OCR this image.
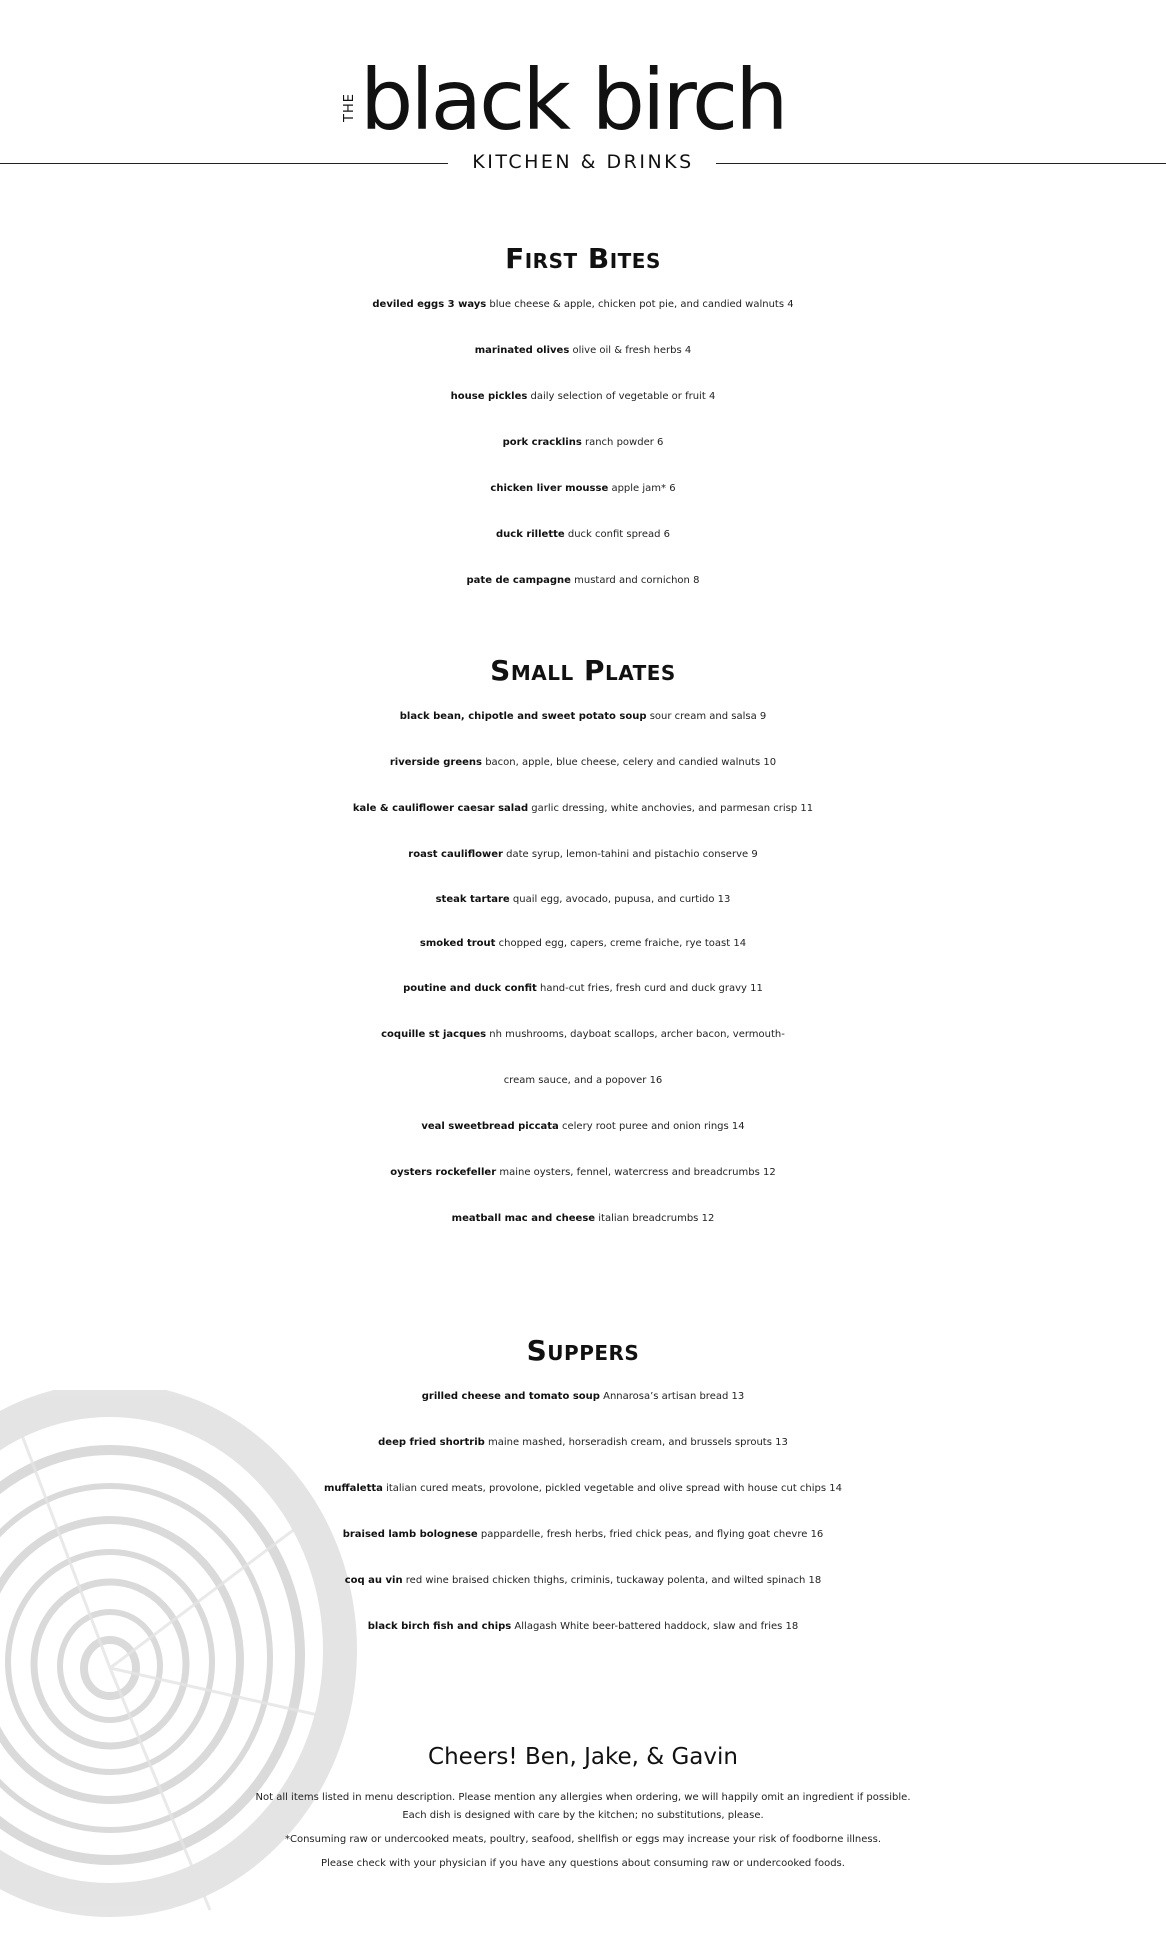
THE black birch
KITCHEN & DRINKS
First Bites
deviled eggs 3 ways blue cheese & apple, chicken pot pie, and candied walnuts 4
marinated olives olive oil & fresh herbs 4
house pickles daily selection of vegetable or fruit 4
pork cracklins ranch powder 6
chicken liver mousse apple jam* 6
duck rillette duck confit spread 6
pate de campagne mustard and cornichon 8
Small Plates
black bean, chipotle and sweet potato soup sour cream and salsa 9
riverside greens bacon, apple, blue cheese, celery and candied walnuts 10
kale & cauliflower caesar salad garlic dressing, white anchovies, and parmesan crisp 11
roast cauliflower date syrup, lemon-tahini and pistachio conserve 9
steak tartare quail egg, avocado, pupusa, and curtido 13
smoked trout chopped egg, capers, creme fraiche, rye toast 14
poutine and duck confit hand-cut fries, fresh curd and duck gravy 11
coquille st jacques nh mushrooms, dayboat scallops, archer bacon, vermouth-
cream sauce, and a popover 16
veal sweetbread piccata celery root puree and onion rings 14
oysters rockefeller maine oysters, fennel, watercress and breadcrumbs 12
meatball mac and cheese italian breadcrumbs 12
Suppers
grilled cheese and tomato soup Annarosa’s artisan bread 13
deep fried shortrib maine mashed, horseradish cream, and brussels sprouts 13
muffaletta italian cured meats, provolone, pickled vegetable and olive spread with house cut chips 14
braised lamb bolognese pappardelle, fresh herbs, fried chick peas, and flying goat chevre 16
coq au vin red wine braised chicken thighs, criminis, tuckaway polenta, and wilted spinach 18
black birch fish and chips Allagash White beer-battered haddock, slaw and fries 18
Cheers! Ben, Jake, & Gavin
Not all items listed in menu description. Please mention any allergies when ordering, we will happily omit an ingredient if possible.
Each dish is designed with care by the kitchen; no substitutions, please.
*Consuming raw or undercooked meats, poultry, seafood, shellfish or eggs may increase your risk of foodborne illness.
Please check with your physician if you have any questions about consuming raw or undercooked foods.
